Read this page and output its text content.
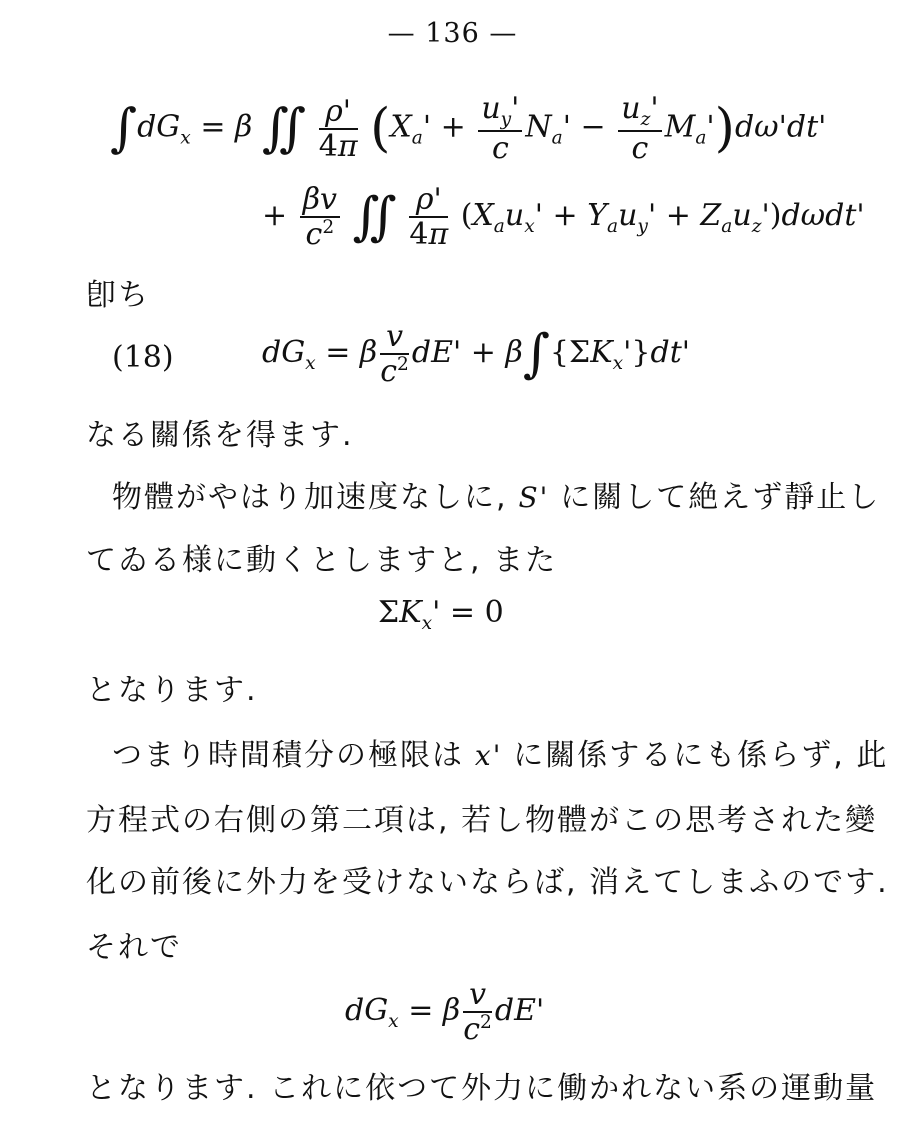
— 136 —
$\int dG_x = \beta$ ∬ $\frac{\rho'}{4\pi} (X_a' + \frac{u_y'}{c} N_a' - \frac{u_z'}{c} M_a')d\omega'dt'$
+ $\frac{\beta v}{c^2}$ ∬ $\frac{\rho'}{4\pi} (X_au_x' + Y_au_y' + Z_au_z')d\omega dt'$
卽ち
(18)	$dG_x = \beta \frac{v}{c^2} dE' + \beta\int\{\Sigma K_x'\}dt'$
なる關係を得ます.
物體がやはり加速度なしに, S' に關して絶えず靜止し
てゐる様に動くとしますと, また
$\Sigma K_x' = 0$
となります.
つまり時間積分の極限は x' に關係するにも係らず, 此
方程式の右側の第二項は, 若し物體がこの思考された變
化の前後に外力を受けないならば, 消えてしまふのです.
それで
$dG_x = \beta \frac{v}{c^2} dE'$
となります. これに依つて外力に働かれない系の運動量
